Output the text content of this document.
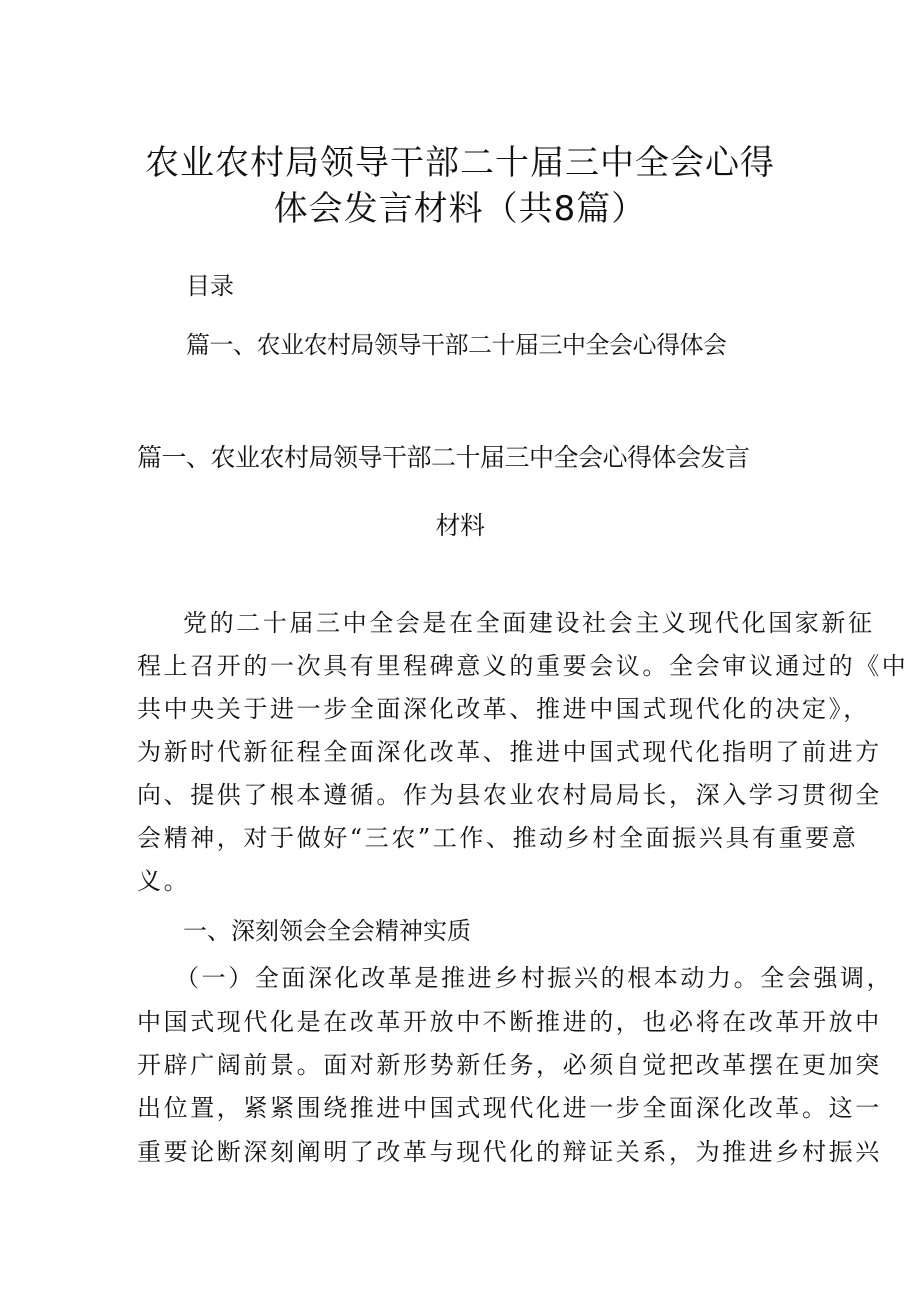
农业农村局领导干部二十届三中全会心得
体会发言材料（共8篇）
目录
篇一、农业农村局领导干部二十届三中全会心得体会
篇一、农业农村局领导干部二十届三中全会心得体会发言
材料
党的二十届三中全会是在全面建设社会主义现代化国家新征
程上召开的一次具有里程碑意义的重要会议。全会审议通过的《中
共中央关于进一步全面深化改革、推进中国式现代化的决定》，
为新时代新征程全面深化改革、推进中国式现代化指明了前进方
向、提供了根本遵循。作为县农业农村局局长，深入学习贯彻全
会精神，对于做好“三农”工作、推动乡村全面振兴具有重要意
义。
一、深刻领会全会精神实质
（一）全面深化改革是推进乡村振兴的根本动力。全会强调，
中国式现代化是在改革开放中不断推进的，也必将在改革开放中
开辟广阔前景。面对新形势新任务，必须自觉把改革摆在更加突
出位置，紧紧围绕推进中国式现代化进一步全面深化改革。这一
重要论断深刻阐明了改革与现代化的辩证关系，为推进乡村振兴
